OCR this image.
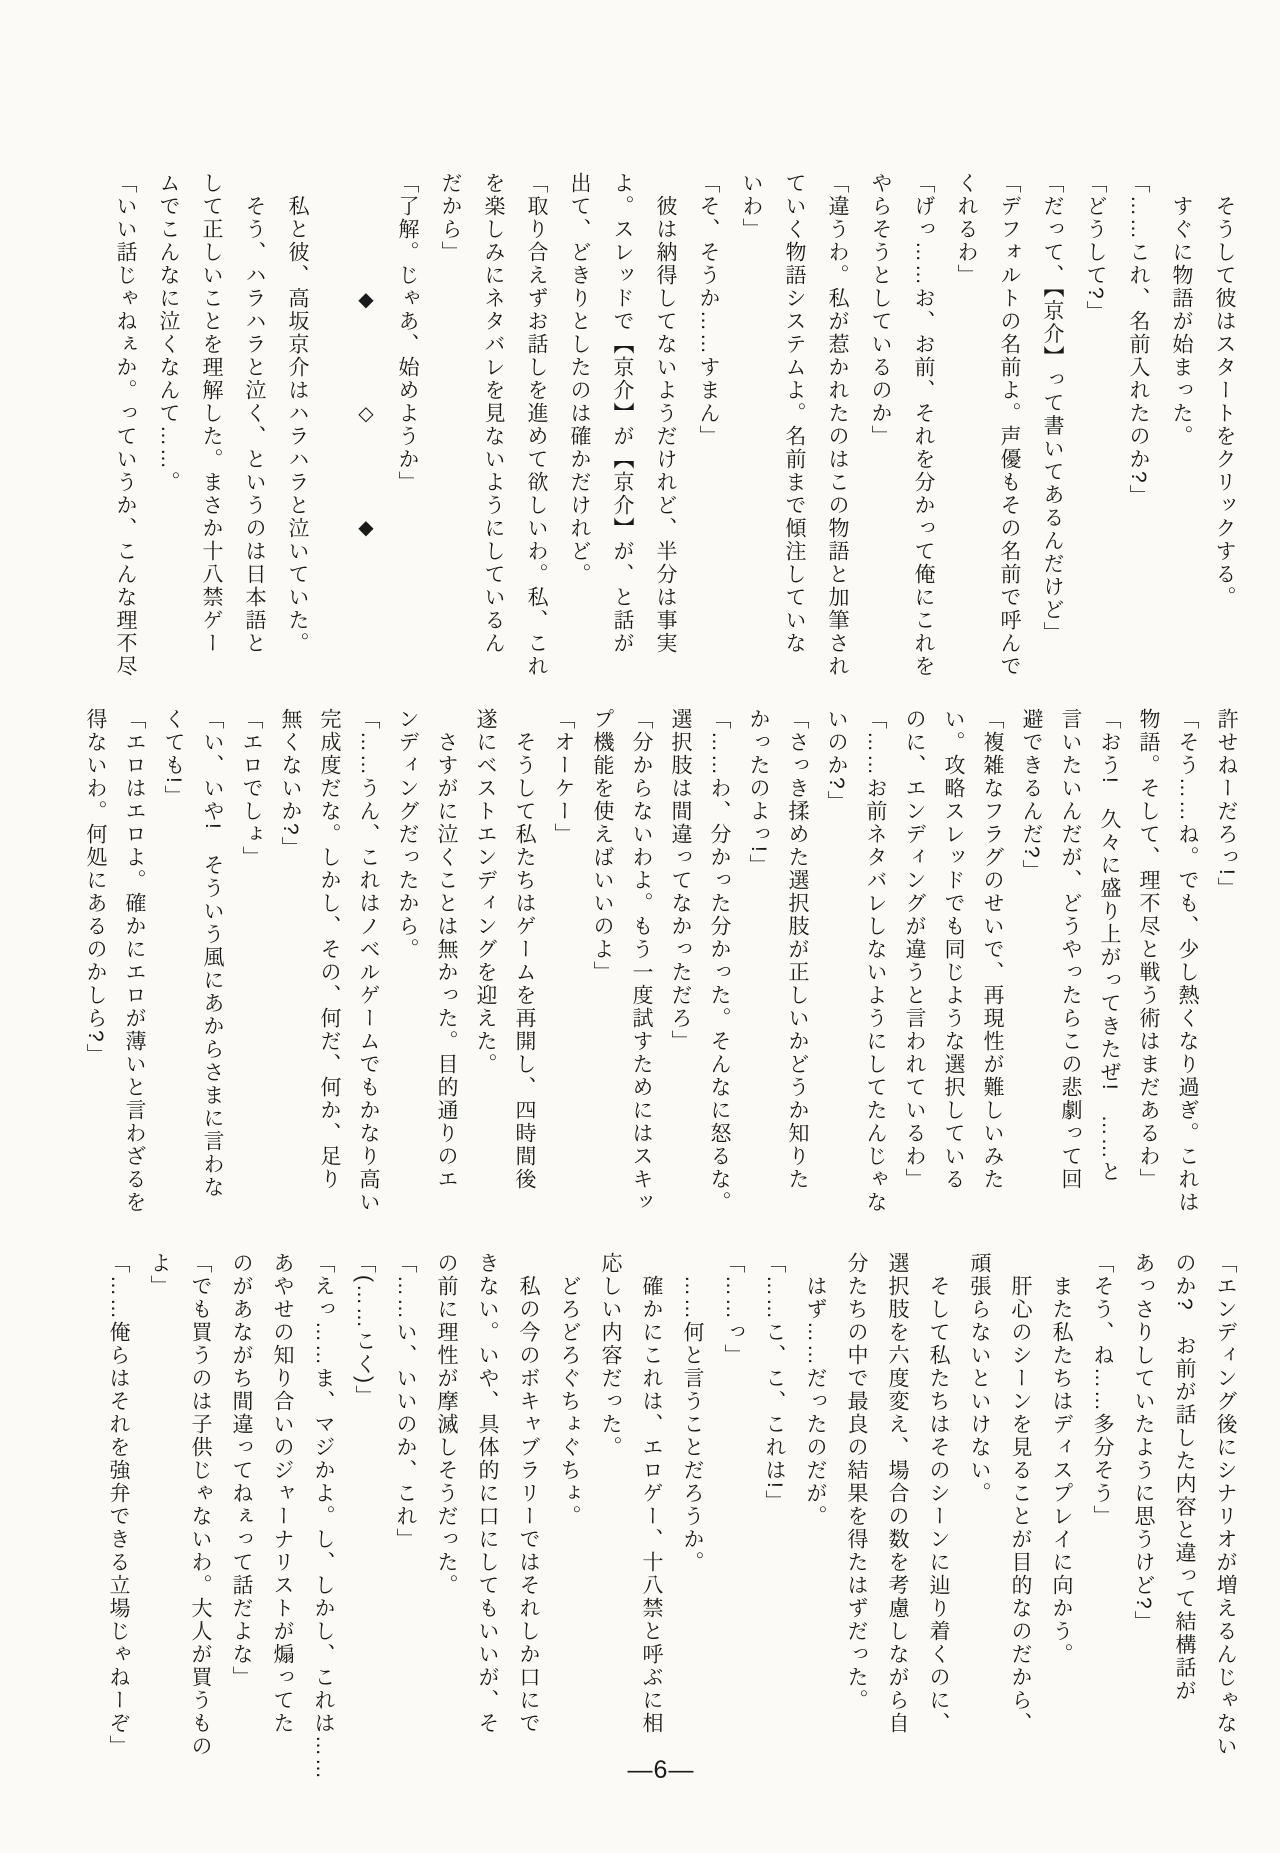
そうして彼はスタートをクリックする。
すぐに物語が始まった。
「……これ、名前入れたのか?」
「どうして?」
「だって、【京介】って書いてあるんだけど」
「デフォルトの名前よ。声優もその名前で呼んで
くれるわ」
「げっ……お、お前、それを分かって俺にこれを
やらそうとしているのか」
「違うわ。私が惹かれたのはこの物語と加筆され
ていく物語システムよ。名前まで傾注していな
いわ」
「そ、そうか……すまん」
彼は納得してないようだけれど、半分は事実
よ。スレッドで【京介】が【京介】が、と話が
出て、どきりとしたのは確かだけれど。
「取り合えずお話しを進めて欲しいわ。私、これ
を楽しみにネタバレを見ないようにしているん
だから」
「了解。じゃあ、始めようか」
◆　　　　◇　　　　◆
私と彼、高坂京介はハラハラと泣いていた。
そう、ハラハラと泣く、というのは日本語と
して正しいことを理解した。まさか十八禁ゲー
ムでこんなに泣くなんて……。
「いい話じゃねぇか。っていうか、こんな理不尽
許せねーだろっ!」
「そう……ね。でも、少し熱くなり過ぎ。これは
物語。そして、理不尽と戦う術はまだあるわ」
「おう!　久々に盛り上がってきたぜ!　……と
言いたいんだが、どうやったらこの悲劇って回
避できるんだ?」
「複雑なフラグのせいで、再現性が難しいみた
い。攻略スレッドでも同じような選択している
のに、エンディングが違うと言われているわ」
「……お前ネタバレしないようにしてたんじゃな
いのか?」
「さっき揉めた選択肢が正しいかどうか知りた
かったのよっ!」
「……わ、分かった分かった。そんなに怒るな。
選択肢は間違ってなかっただろ」
「分からないわよ。もう一度試すためにはスキッ
プ機能を使えばいいのよ」
「オーケー」
そうして私たちはゲームを再開し、四時間後
遂にベストエンディングを迎えた。
さすがに泣くことは無かった。目的通りのエ
ンディングだったから。
「……うん、これはノベルゲームでもかなり高い
完成度だな。しかし、その、何だ、何か、足り
無くないか?」
「エロでしょ」
「い、いや!　そういう風にあからさまに言わな
くても!」
「エロはエロよ。確かにエロが薄いと言わざるを
得ないわ。何処にあるのかしら?」
「エンディング後にシナリオが増えるんじゃない
のか?　お前が話した内容と違って結構話が
あっさりしていたように思うけど?」
「そう、ね……多分そう」
また私たちはディスプレイに向かう。
肝心のシーンを見ることが目的なのだから、
頑張らないといけない。
そして私たちはそのシーンに辿り着くのに、
選択肢を六度変え、場合の数を考慮しながら自
分たちの中で最良の結果を得たはずだった。
はず……だったのだが。
「……こ、こ、これは!」
「……っ」
……何と言うことだろうか。
確かにこれは、エロゲー、十八禁と呼ぶに相
応しい内容だった。
どろどろぐちょぐちょ。
私の今のボキャブラリーではそれしか口にで
きない。いや、具体的に口にしてもいいが、そ
の前に理性が摩滅しそうだった。
「……い、いいのか、これ」
「(……こく)」
「えっ……ま、マジかよ。し、しかし、これは……
あやせの知り合いのジャーナリストが煽ってた
のがあながち間違ってねぇって話だよな」
「でも買うのは子供じゃないわ。大人が買うもの
よ」
「……俺らはそれを強弁できる立場じゃねーぞ」
―6―
